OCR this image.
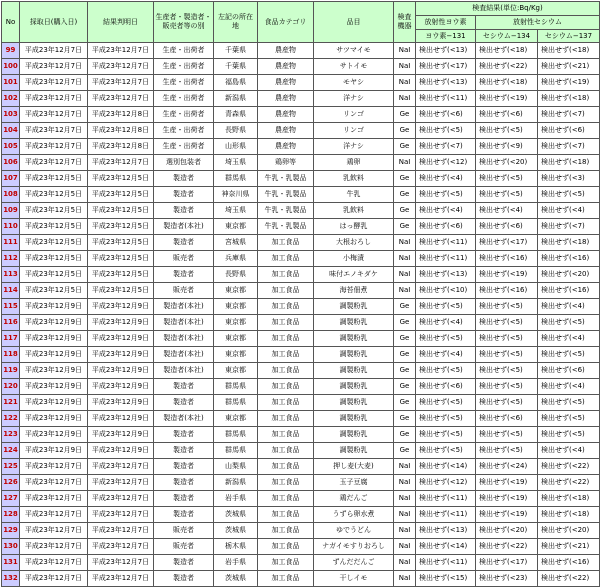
No	採取日(購入日)	結果判明日	生産者・製造者・販売者等の別	左記の所在地	食品カテゴリ	品目	検査機器	検査結果(単位:Bq/Kg)		
								放射性ヨウ素	放射性セシウム	
								ヨウ素−131	セシウム−134	セシウム−137
99	平成23年12月7日	平成23年12月7日	生産・出荷者	千葉県	農産物	サツマイモ	NaI	検出せず(<13)	検出せず(<18)	検出せず(<18)
100	平成23年12月7日	平成23年12月7日	生産・出荷者	千葉県	農産物	サトイモ	NaI	検出せず(<17)	検出せず(<22)	検出せず(<21)
101	平成23年12月7日	平成23年12月7日	生産・出荷者	福島県	農産物	モヤシ	NaI	検出せず(<13)	検出せず(<18)	検出せず(<19)
102	平成23年12月7日	平成23年12月7日	生産・出荷者	新潟県	農産物	洋ナシ	NaI	検出せず(<11)	検出せず(<19)	検出せず(<18)
103	平成23年12月7日	平成23年12月8日	生産・出荷者	青森県	農産物	リンゴ	Ge	検出せず(<6)	検出せず(<6)	検出せず(<7)
104	平成23年12月7日	平成23年12月8日	生産・出荷者	長野県	農産物	リンゴ	Ge	検出せず(<5)	検出せず(<5)	検出せず(<6)
105	平成23年12月7日	平成23年12月8日	生産・出荷者	山形県	農産物	洋ナシ	Ge	検出せず(<7)	検出せず(<9)	検出せず(<7)
106	平成23年12月7日	平成23年12月7日	選別包装者	埼玉県	鶏卵等	鶏卵	NaI	検出せず(<12)	検出せず(<20)	検出せず(<18)
107	平成23年12月5日	平成23年12月5日	製造者	群馬県	牛乳・乳製品	乳飲料	Ge	検出せず(<4)	検出せず(<5)	検出せず(<3)
108	平成23年12月5日	平成23年12月5日	製造者	神奈川県	牛乳・乳製品	牛乳	Ge	検出せず(<5)	検出せず(<5)	検出せず(<5)
109	平成23年12月5日	平成23年12月5日	製造者	埼玉県	牛乳・乳製品	乳飲料	Ge	検出せず(<4)	検出せず(<4)	検出せず(<4)
110	平成23年12月5日	平成23年12月5日	製造者(本社)	東京都	牛乳・乳製品	はっ酵乳	Ge	検出せず(<6)	検出せず(<6)	検出せず(<7)
111	平成23年12月5日	平成23年12月5日	製造者	宮城県	加工食品	大根おろし	NaI	検出せず(<11)	検出せず(<17)	検出せず(<18)
112	平成23年12月5日	平成23年12月5日	販売者	兵庫県	加工食品	小梅漬	NaI	検出せず(<11)	検出せず(<16)	検出せず(<16)
113	平成23年12月5日	平成23年12月5日	製造者	長野県	加工食品	味付エノキダケ	NaI	検出せず(<13)	検出せず(<19)	検出せず(<20)
114	平成23年12月5日	平成23年12月5日	販売者	東京都	加工食品	海苔佃煮	NaI	検出せず(<10)	検出せず(<16)	検出せず(<16)
115	平成23年12月9日	平成23年12月9日	製造者(本社)	東京都	加工食品	調製粉乳	Ge	検出せず(<5)	検出せず(<5)	検出せず(<4)
116	平成23年12月9日	平成23年12月9日	製造者(本社)	東京都	加工食品	調製粉乳	Ge	検出せず(<4)	検出せず(<5)	検出せず(<5)
117	平成23年12月9日	平成23年12月9日	製造者(本社)	東京都	加工食品	調製粉乳	Ge	検出せず(<5)	検出せず(<5)	検出せず(<4)
118	平成23年12月9日	平成23年12月9日	製造者(本社)	東京都	加工食品	調製粉乳	Ge	検出せず(<4)	検出せず(<5)	検出せず(<5)
119	平成23年12月9日	平成23年12月9日	製造者(本社)	東京都	加工食品	調製粉乳	Ge	検出せず(<5)	検出せず(<5)	検出せず(<6)
120	平成23年12月9日	平成23年12月9日	製造者	群馬県	加工食品	調製粉乳	Ge	検出せず(<6)	検出せず(<5)	検出せず(<4)
121	平成23年12月9日	平成23年12月9日	製造者	群馬県	加工食品	調製粉乳	Ge	検出せず(<5)	検出せず(<5)	検出せず(<5)
122	平成23年12月9日	平成23年12月9日	製造者(本社)	東京都	加工食品	調製粉乳	Ge	検出せず(<5)	検出せず(<6)	検出せず(<5)
123	平成23年12月9日	平成23年12月9日	製造者	群馬県	加工食品	調製粉乳	Ge	検出せず(<5)	検出せず(<5)	検出せず(<5)
124	平成23年12月9日	平成23年12月9日	製造者	群馬県	加工食品	調製粉乳	Ge	検出せず(<5)	検出せず(<5)	検出せず(<4)
125	平成23年12月7日	平成23年12月7日	製造者	山梨県	加工食品	押し麦(大麦)	NaI	検出せず(<14)	検出せず(<24)	検出せず(<22)
126	平成23年12月7日	平成23年12月7日	製造者	新潟県	加工食品	玉子豆腐	NaI	検出せず(<12)	検出せず(<19)	検出せず(<22)
127	平成23年12月7日	平成23年12月7日	製造者	岩手県	加工食品	鶏だんご	NaI	検出せず(<11)	検出せず(<19)	検出せず(<18)
128	平成23年12月7日	平成23年12月7日	製造者	茨城県	加工食品	うずら卵水煮	NaI	検出せず(<11)	検出せず(<19)	検出せず(<18)
129	平成23年12月7日	平成23年12月7日	販売者	茨城県	加工食品	ゆでうどん	NaI	検出せず(<13)	検出せず(<20)	検出せず(<20)
130	平成23年12月7日	平成23年12月7日	販売者	栃木県	加工食品	ナガイモすりおろし	NaI	検出せず(<14)	検出せず(<22)	検出せず(<21)
131	平成23年12月7日	平成23年12月7日	製造者	岩手県	加工食品	ずんだだんご	NaI	検出せず(<11)	検出せず(<17)	検出せず(<16)
132	平成23年12月7日	平成23年12月7日	製造者	茨城県	加工食品	干しイモ	NaI	検出せず(<15)	検出せず(<23)	検出せず(<22)
